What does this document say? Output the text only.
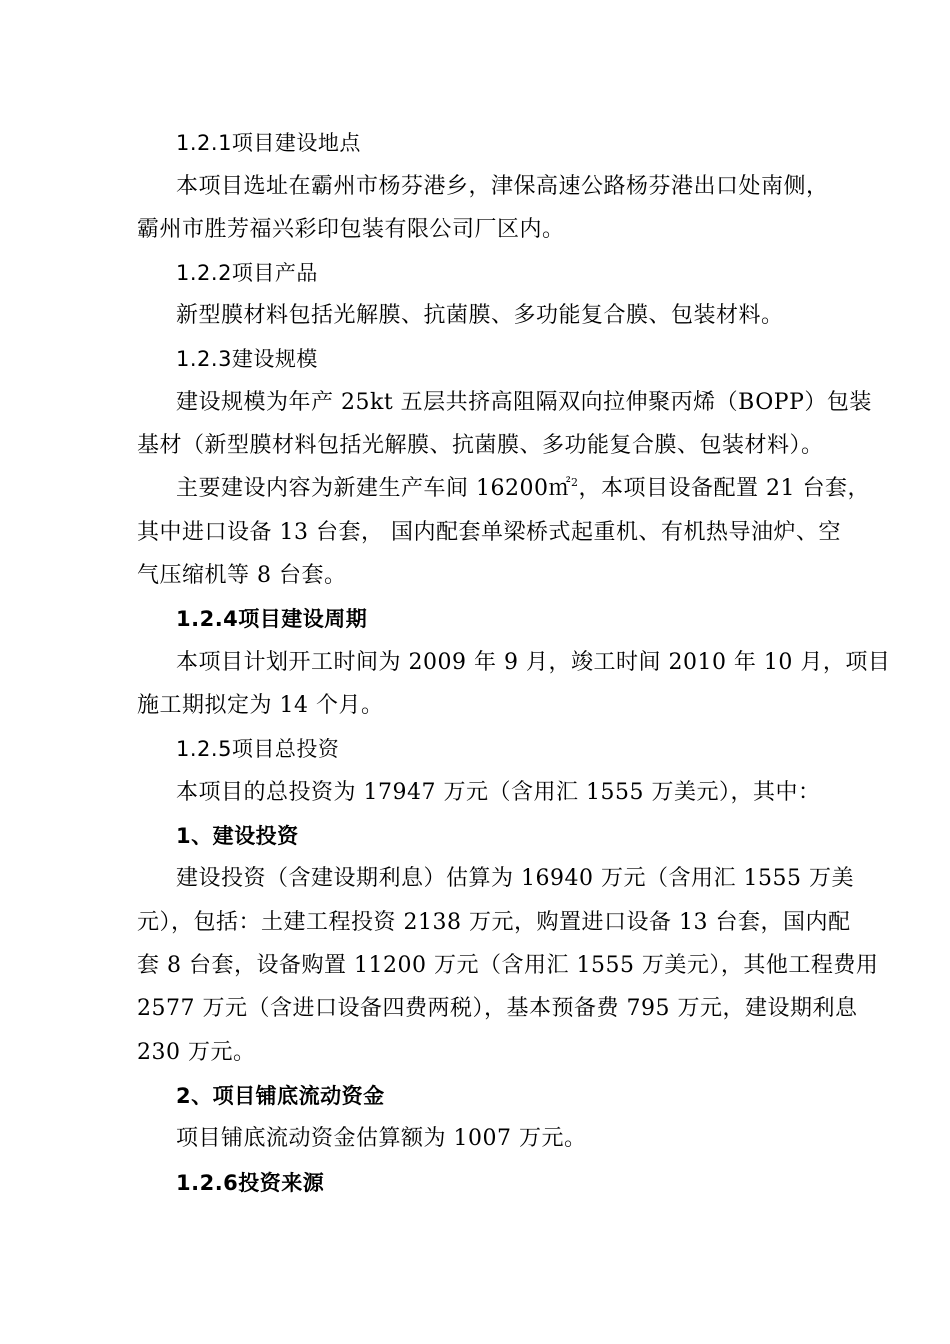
1.2.1项目建设地点
本项目选址在霸州市杨芬港乡，津保高速公路杨芬港出口处南侧，
霸州市胜芳福兴彩印包装有限公司厂区内。
1.2.2项目产品
新型膜材料包括光解膜、抗菌膜、多功能复合膜、包装材料。
1.2.3建设规模
建设规模为年产 25kt 五层共挤高阻隔双向拉伸聚丙烯（BOPP）包装
基材（新型膜材料包括光解膜、抗菌膜、多功能复合膜、包装材料）。
主要建设内容为新建生产车间 16200㎡$^2$，本项目设备配置 21 台套，
其中进口设备 13 台套， 国内配套单梁桥式起重机、有机热导油炉、空
气压缩机等 8 台套。
1.2.4项目建设周期
本项目计划开工时间为 2009 年 9 月，竣工时间 2010 年 10 月，项目
施工期拟定为 14 个月。
1.2.5项目总投资
本项目的总投资为 17947 万元（含用汇 1555 万美元），其中：
1、建设投资
建设投资（含建设期利息）估算为 16940 万元（含用汇 1555 万美
元），包括：土建工程投资 2138 万元，购置进口设备 13 台套，国内配
套 8 台套，设备购置 11200 万元（含用汇 1555 万美元），其他工程费用
2577 万元（含进口设备四费两税），基本预备费 795 万元，建设期利息
230 万元。
2、项目铺底流动资金
项目铺底流动资金估算额为 1007 万元。
1.2.6投资来源
